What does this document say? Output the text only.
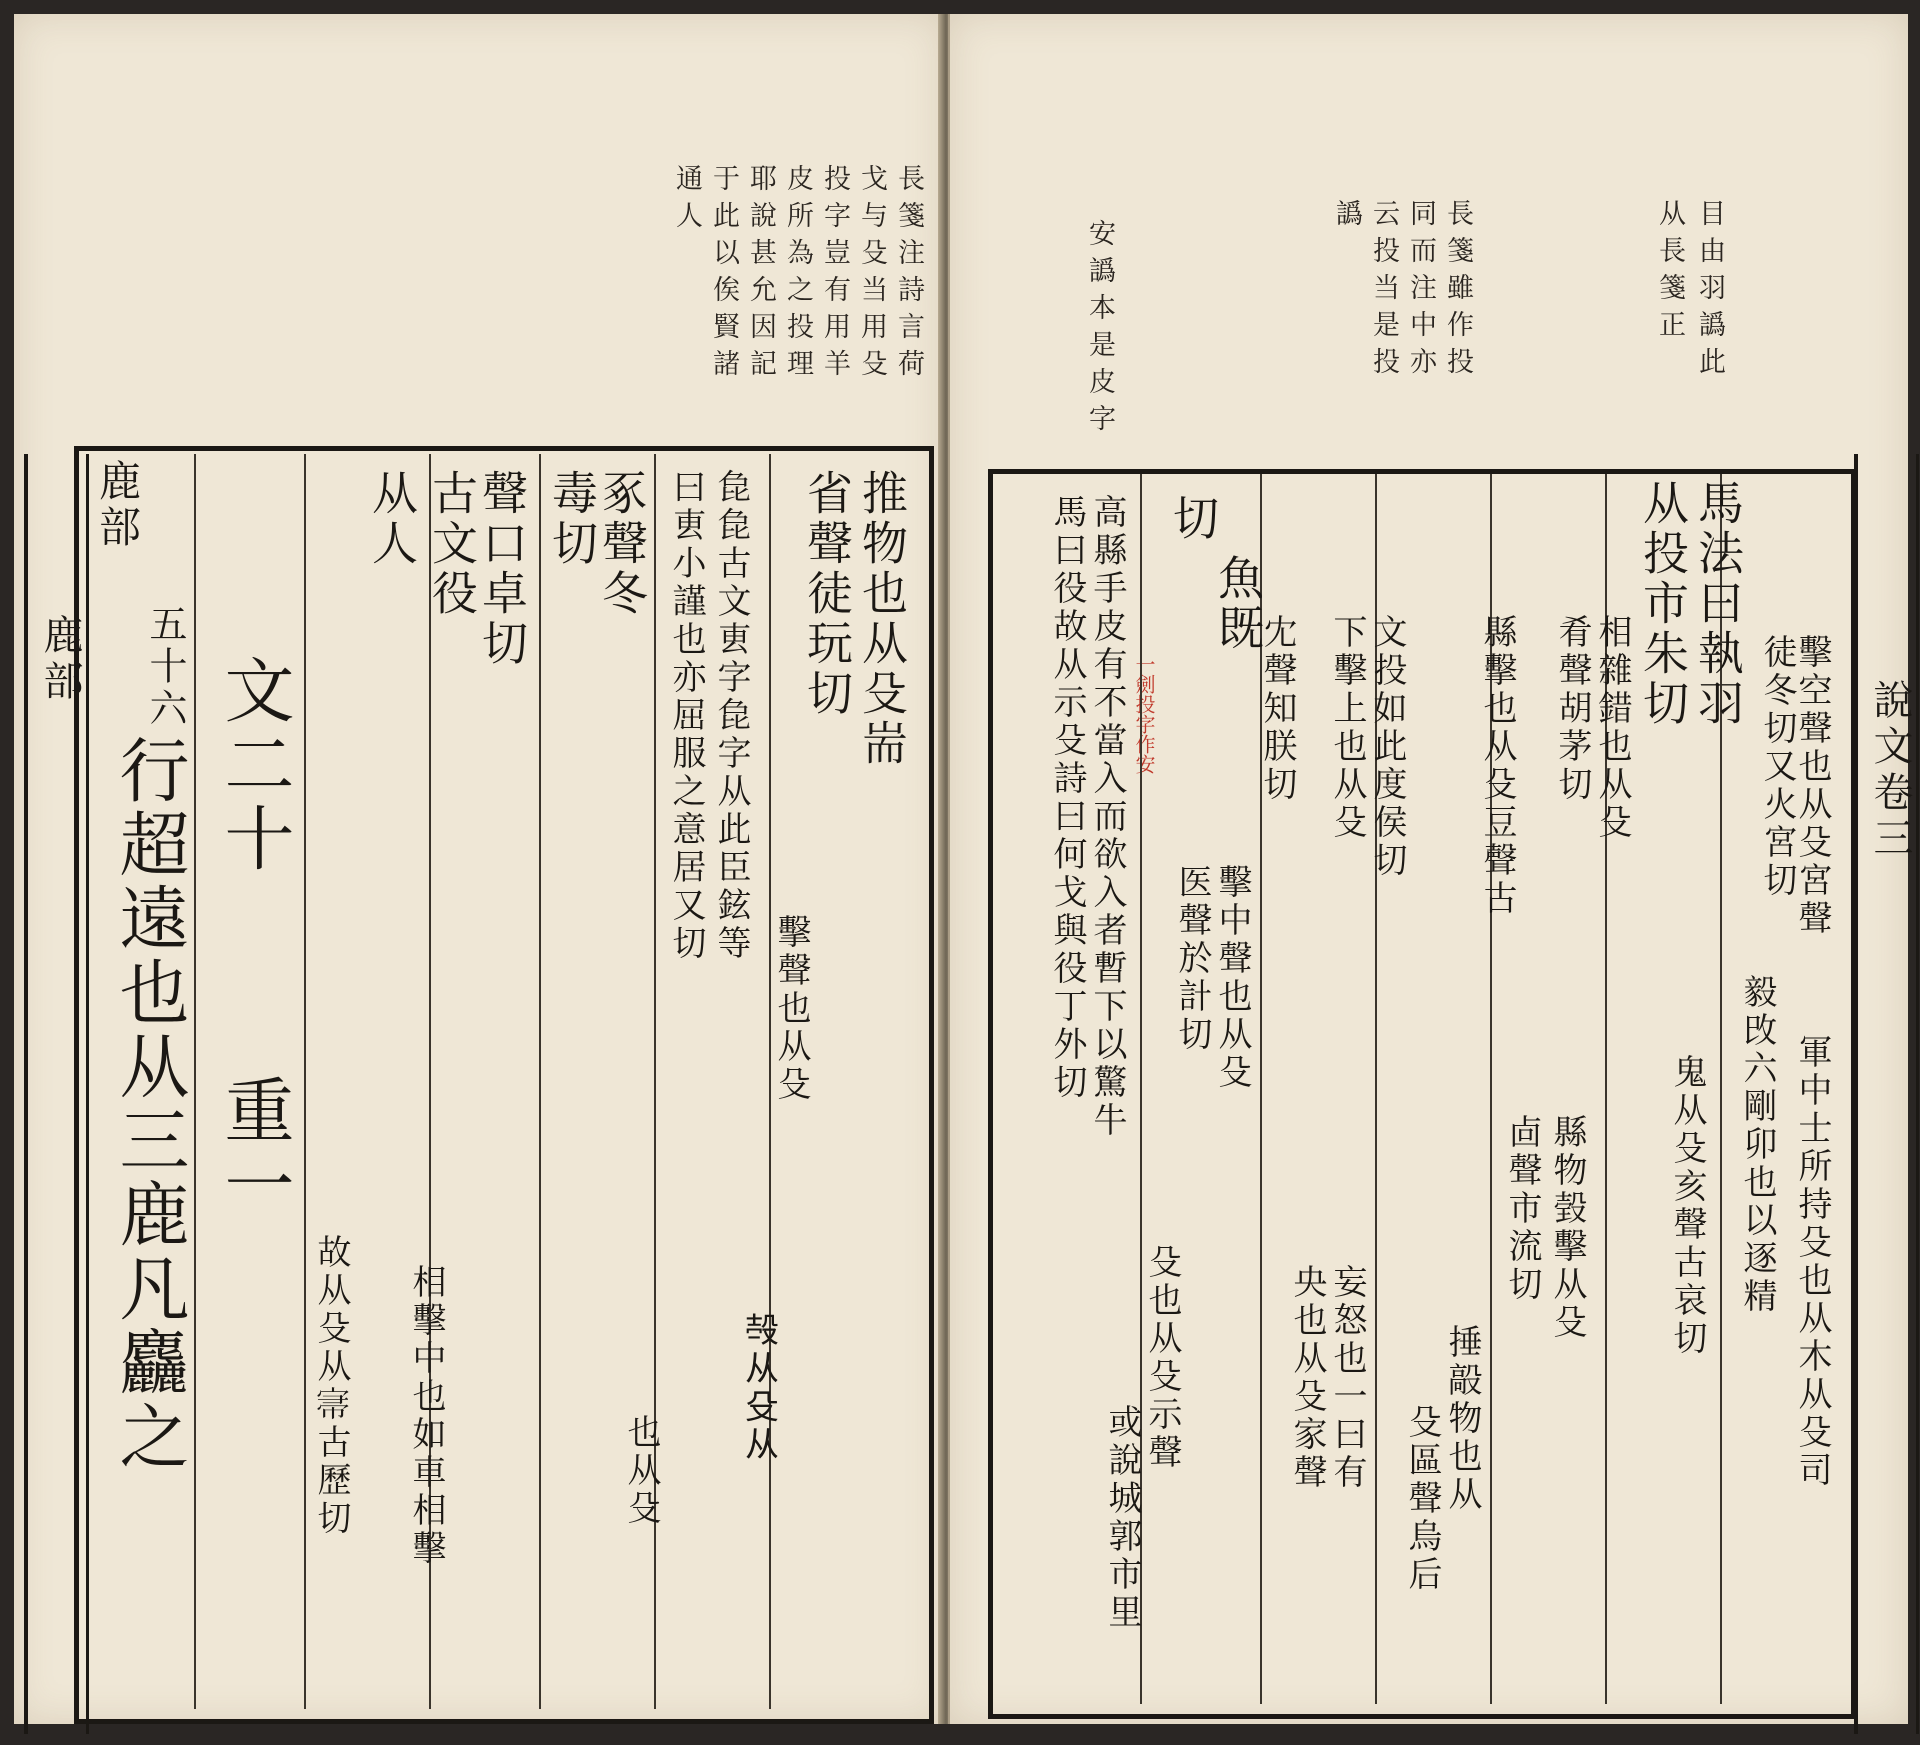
長箋注詩言荷
戈与殳当用殳
投字豈有用羊
皮所為之投理
耶說甚允因記
于此以俟賢諸
通人
鹿部	推物也从殳耑
省聲徒玩切
㲋㲋古文叀字㲋字从此臣鉉等
曰叀小謹也亦屈服之意居又切
豖聲冬
毒切
聲口卓切
古文役
从人
擊聲也从殳
𣪊从殳从
也从殳
相擊中也如車相擊
故从殳从𡨦古歷切
鹿部
五十六
行超遠也从三鹿凡麤之 文二十
重一
目由羽譌此
从長箋正
長箋雖作投
同而注中亦
云投当是投
譌
安譌本是皮字
一劍投字作安	說文卷三
擊空聲也从殳宮聲
徒冬切又火宮切
馬法曰執羽
从投市朱切
軍中士所持殳也从木从殳司
毅攺六剛卯也以逐精
鬼从殳亥聲古哀切
相雜錯也从殳
肴聲胡茅切
縣物㲄擊从殳
㔽聲市流切
縣擊也从殳豆聲古
捶毃物也从
殳區聲烏后
文投如此度侯切
下擊上也从殳
妄怒也一曰有
央也从殳家聲
冘聲知朕切
魚既
擊中聲也从殳
医聲於計切
切
高縣手皮有不當入而欲入者暫下以驚牛
馬曰役故从示殳詩曰何戈與役丁外切
殳也从殳示聲
或說城郭市里
